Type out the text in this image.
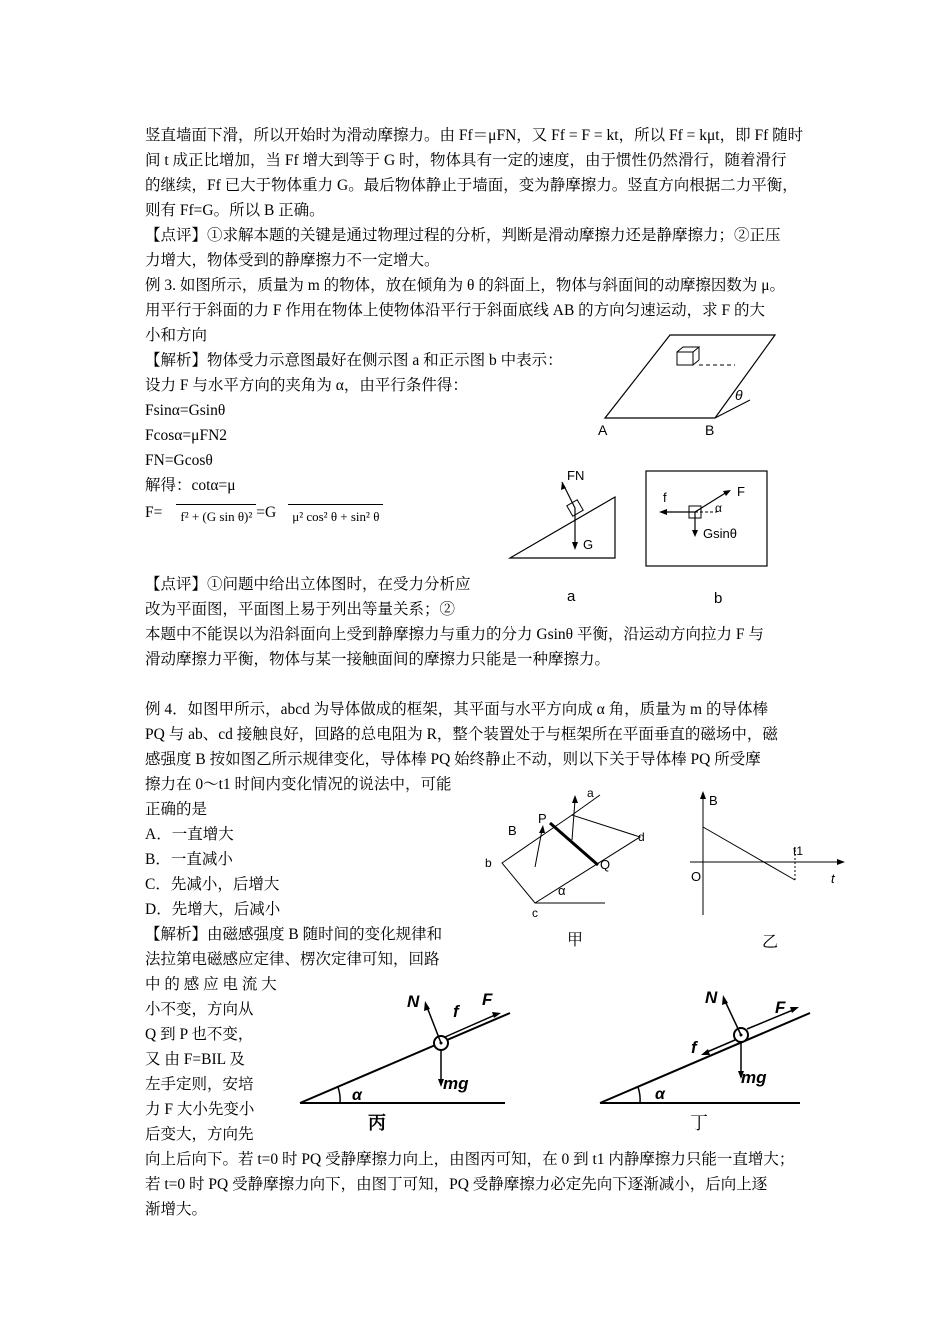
竖直墙面下滑，所以开始时为滑动摩擦力。由 Ff＝μFN，又 Ff = F = kt，所以 Ff = kμt，即 Ff 随时
间 t 成正比增加，当 Ff 增大到等于 G 时，物体具有一定的速度，由于惯性仍然滑行，随着滑行
的继续，Ff 已大于物体重力 G。最后物体静止于墙面，变为静摩擦力。竖直方向根据二力平衡，
则有 Ff=G。所以 B 正确。
【点评】①求解本题的关键是通过物理过程的分析，判断是滑动摩擦力还是静摩擦力；②正压
力增大，物体受到的静摩擦力不一定增大。
例 3. 如图所示，质量为 m 的物体，放在倾角为 θ 的斜面上，物体与斜面间的动摩擦因数为 μ。
用平行于斜面的力 F 作用在物体上使物体沿平行于斜面底线 AB 的方向匀速运动，求 F 的大
小和方向
【解析】物体受力示意图最好在侧示图 a 和正示图 b 中表示：
设力 F 与水平方向的夹角为 α，由平行条件得：
Fsinα=Gsinθ
Fcosα=μFN2
FN=Gcosθ
解得：cotα=μ
F= f² + (G sin θ)² =G μ² cos² θ + sin² θ
【点评】①问题中给出立体图时，在受力分析应
改为平面图，平面图上易于列出等量关系；②
本题中不能误以为沿斜面向上受到静摩擦力与重力的分力 Gsinθ 平衡，沿运动方向拉力 F 与
滑动摩擦力平衡，物体与某一接触面间的摩擦力只能是一种摩擦力。
例 4．如图甲所示，abcd 为导体做成的框架，其平面与水平方向成 α 角，质量为 m 的导体棒
PQ 与 ab、cd 接触良好，回路的总电阻为 R，整个装置处于与框架所在平面垂直的磁场中，磁
感强度 B 按如图乙所示规律变化，导体棒 PQ 始终静止不动，则以下关于导体棒 PQ 所受摩
擦力在 0～t1 时间内变化情况的说法中，可能
正确的是
A．一直增大
B．一直减小
C．先减小，后增大
D．先增大，后减小
【解析】由磁感强度 B 随时间的变化规律和
法拉第电磁感应定律、楞次定律可知，回路
中 的 感 应 电 流 大
小不变，方向从
Q 到 P 也不变，
又 由 F=BIL 及
左手定则，安培
力 F 大小先变小
后变大，方向先
向上后向下。若 t=0 时 PQ 受静摩擦力向上，由图丙可知，在 0 到 t1 内静摩擦力只能一直增大；
若 t=0 时 PQ 受静摩擦力向下，由图丁可知，PQ 受静摩擦力必定先向下逐渐减小，后向上逐
渐增大。
A	B
θ
FN
G
a
f	F
α
Gsinθ
b
a
P
B	d
b	Q
α
c
甲
B
O
t1
t
乙
N
f
F
mg
α
丙
N
F
f
mg
α
丁
